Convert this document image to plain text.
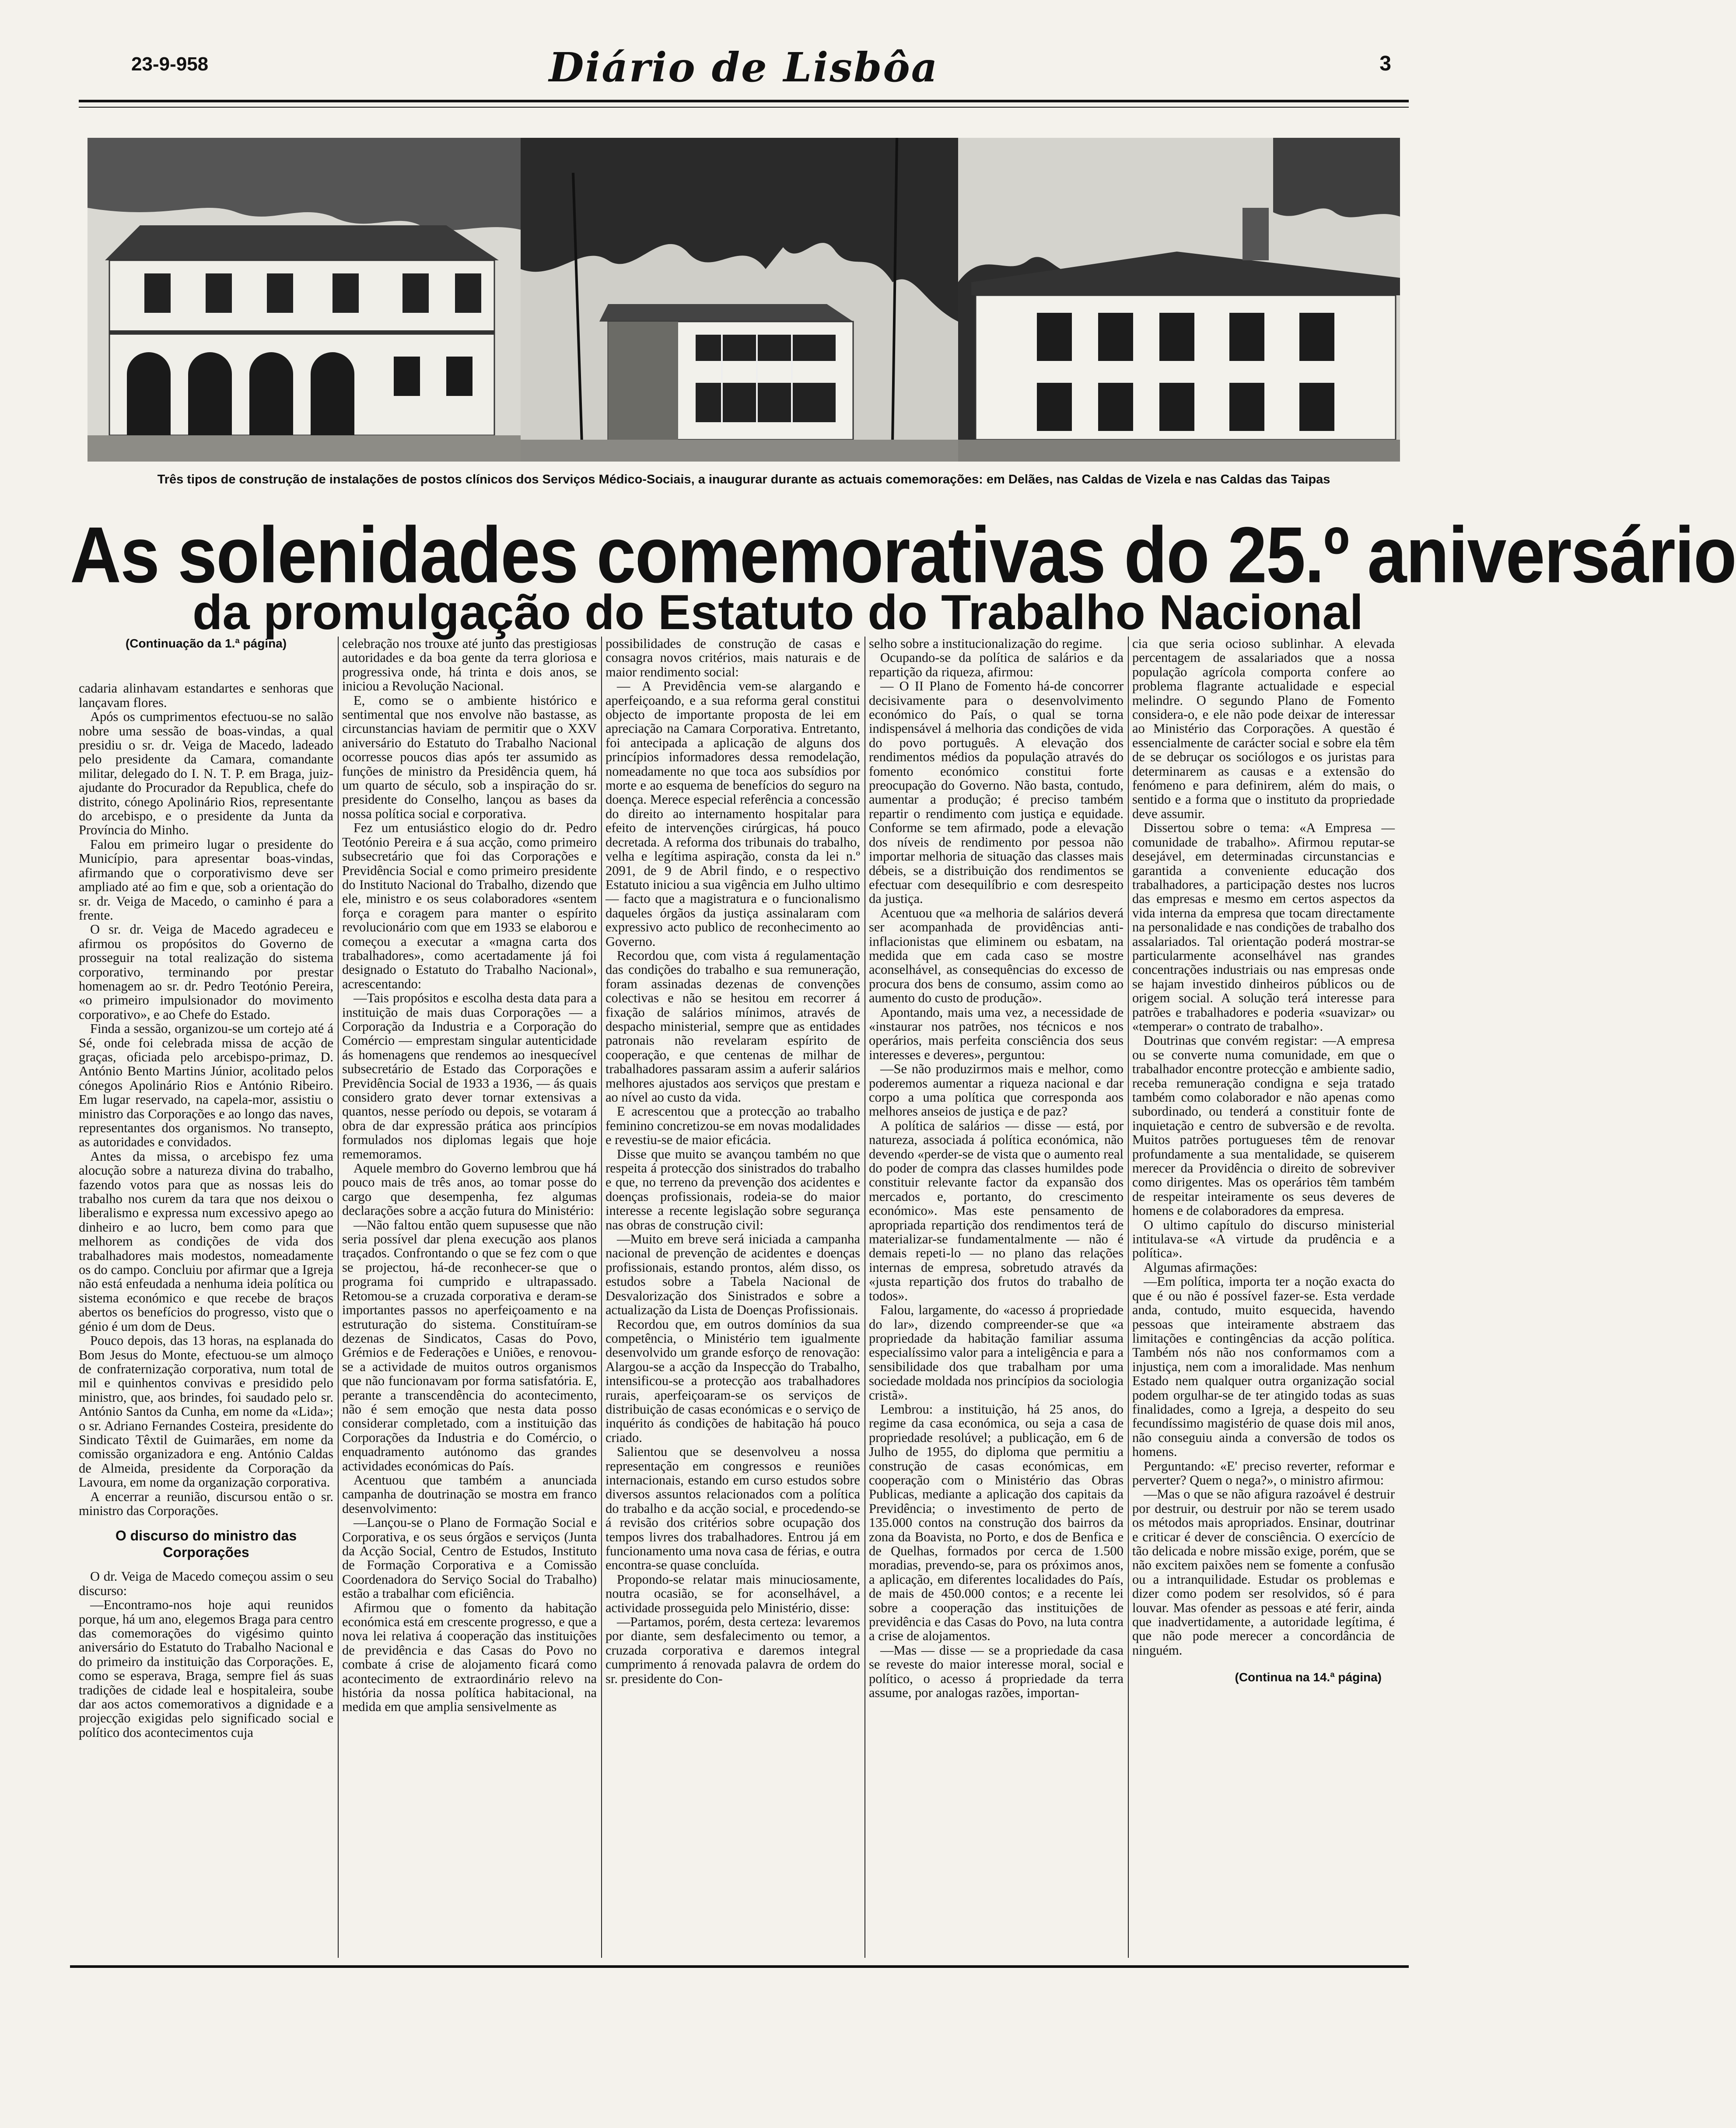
23-9-958	Diário de Lisbôa	3
Três tipos de construção de instalações de postos clínicos dos Serviços Médico-Sociais, a inaugurar durante as actuais comemorações: em Delães, nas Caldas de Vizela e nas Caldas das Taipas
As solenidades comemorativas do 25.º aniversário
da promulgação do Estatuto do Trabalho Nacional
(Continuação da 1.ª página)

cadaria alinhavam estandartes e senhoras que lançavam flores.

Após os cumprimentos efectuou-se no salão nobre uma sessão de boas-vindas, a qual presidiu o sr. dr. Veiga de Macedo, ladeado pelo presidente da Camara, comandante militar, delegado do I. N. T. P. em Braga, juiz-ajudante do Procurador da Republica, chefe do distrito, cónego Apolinário Rios, representante do arcebispo, e o presidente da Junta da Província do Minho.

Falou em primeiro lugar o presidente do Município, para apresentar boas-vindas, afirmando que o corporativismo deve ser ampliado até ao fim e que, sob a orientação do sr. dr. Veiga de Macedo, o caminho é para a frente.

O sr. dr. Veiga de Macedo agradeceu e afirmou os propósitos do Governo de prosseguir na total realização do sistema corporativo, terminando por prestar homenagem ao sr. dr. Pedro Teotónio Pereira, «o primeiro impulsionador do movimento corporativo», e ao Chefe do Estado.

Finda a sessão, organizou-se um cortejo até á Sé, onde foi celebrada missa de acção de graças, oficiada pelo arcebispo-primaz, D. António Bento Martins Júnior, acolitado pelos cónegos Apolinário Rios e António Ribeiro. Em lugar reservado, na capela-mor, assistiu o ministro das Corporações e ao longo das naves, representantes dos organismos. No transepto, as autoridades e convidados.

Antes da missa, o arcebispo fez uma alocução sobre a natureza divina do trabalho, fazendo votos para que as nossas leis do trabalho nos curem da tara que nos deixou o liberalismo e expressa num excessivo apego ao dinheiro e ao lucro, bem como para que melhorem as condições de vida dos trabalhadores mais modestos, nomeadamente os do campo. Concluiu por afirmar que a Igreja não está enfeudada a nenhuma ideia política ou sistema económico e que recebe de braços abertos os benefícios do progresso, visto que o génio é um dom de Deus.

Pouco depois, das 13 horas, na esplanada do Bom Jesus do Monte, efectuou-se um almoço de confraternização corporativa, num total de mil e quinhentos convivas e presidido pelo ministro, que, aos brindes, foi saudado pelo sr. António Santos da Cunha, em nome da «Lida»; o sr. Adriano Fernandes Costeira, presidente do Sindicato Têxtil de Guimarães, em nome da comissão organizadora e eng. António Caldas de Almeida, presidente da Corporação da Lavoura, em nome da organização corporativa.

A encerrar a reunião, discursou então o sr. ministro das Corporações.

O discurso do ministro das Corporações

O dr. Veiga de Macedo começou assim o seu discurso:

—Encontramo-nos hoje aqui reunidos porque, há um ano, elegemos Braga para centro das comemorações do vigésimo quinto aniversário do Estatuto do Trabalho Nacional e do primeiro da instituição das Corporações. E, como se esperava, Braga, sempre fiel ás suas tradições de cidade leal e hospitaleira, soube dar aos actos comemorativos a dignidade e a projecção exigidas pelo significado social e político dos acontecimentos cuja

celebração nos trouxe até junto das prestigiosas autoridades e da boa gente da terra gloriosa e progressiva onde, há trinta e dois anos, se iniciou a Revolução Nacional.

E, como se o ambiente histórico e sentimental que nos envolve não bastasse, as circunstancias haviam de permitir que o XXV aniversário do Estatuto do Trabalho Nacional ocorresse poucos dias após ter assumido as funções de ministro da Presidência quem, há um quarto de século, sob a inspiração do sr. presidente do Conselho, lançou as bases da nossa política social e corporativa.

Fez um entusiástico elogio do dr. Pedro Teotónio Pereira e á sua acção, como primeiro subsecretário que foi das Corporações e Previdência Social e como primeiro presidente do Instituto Nacional do Trabalho, dizendo que ele, ministro e os seus colaboradores «sentem força e coragem para manter o espírito revolucionário com que em 1933 se elaborou e começou a executar a «magna carta dos trabalhadores», como acertadamente já foi designado o Estatuto do Trabalho Nacional», acrescentando:

—Tais propósitos e escolha desta data para a instituição de mais duas Corporações — a Corporação da Industria e a Corporação do Comércio — emprestam singular autenticidade ás homenagens que rendemos ao inesquecível subsecretário de Estado das Corporações e Previdência Social de 1933 a 1936, — ás quais considero grato dever tornar extensivas a quantos, nesse período ou depois, se votaram á obra de dar expressão prática aos princípios formulados nos diplomas legais que hoje rememoramos.

Aquele membro do Governo lembrou que há pouco mais de três anos, ao tomar posse do cargo que desempenha, fez algumas declarações sobre a acção futura do Ministério:

—Não faltou então quem supusesse que não seria possível dar plena execução aos planos traçados. Confrontando o que se fez com o que se projectou, há-de reconhecer-se que o programa foi cumprido e ultrapassado. Retomou-se a cruzada corporativa e deram-se importantes passos no aperfeiçoamento e na estruturação do sistema. Constituíram-se dezenas de Sindicatos, Casas do Povo, Grémios e de Federações e Uniões, e renovou-se a actividade de muitos outros organismos que não funcionavam por forma satisfatória. E, perante a transcendência do acontecimento, não é sem emoção que nesta data posso considerar completado, com a instituição das Corporações da Industria e do Comércio, o enquadramento autónomo das grandes actividades económicas do País.

Acentuou que também a anunciada campanha de doutrinação se mostra em franco desenvolvimento:

—Lançou-se o Plano de Formação Social e Corporativa, e os seus órgãos e serviços (Junta da Acção Social, Centro de Estudos, Instituto de Formação Corporativa e a Comissão Coordenadora do Serviço Social do Trabalho) estão a trabalhar com eficiência.

Afirmou que o fomento da habitação económica está em crescente progresso, e que a nova lei relativa á cooperação das instituições de previdência e das Casas do Povo no combate á crise de alojamento ficará como acontecimento de extraordinário relevo na história da nossa política habitacional, na medida em que amplia sensivelmente as

possibilidades de construção de casas e consagra novos critérios, mais naturais e de maior rendimento social:

— A Previdência vem-se alargando e aperfeiçoando, e a sua reforma geral constitui objecto de importante proposta de lei em apreciação na Camara Corporativa. Entretanto, foi antecipada a aplicação de alguns dos princípios informadores dessa remodelação, nomeadamente no que toca aos subsídios por morte e ao esquema de benefícios do seguro na doença. Merece especial referência a concessão do direito ao internamento hospitalar para efeito de intervenções cirúrgicas, há pouco decretada. A reforma dos tribunais do trabalho, velha e legítima aspiração, consta da lei n.º 2091, de 9 de Abril findo, e o respectivo Estatuto iniciou a sua vigência em Julho ultimo — facto que a magistratura e o funcionalismo daqueles órgãos da justiça assinalaram com expressivo acto publico de reconhecimento ao Governo.

Recordou que, com vista á regulamentação das condições do trabalho e sua remuneração, foram assinadas dezenas de convenções colectivas e não se hesitou em recorrer á fixação de salários mínimos, através de despacho ministerial, sempre que as entidades patronais não revelaram espírito de cooperação, e que centenas de milhar de trabalhadores passaram assim a auferir salários melhores ajustados aos serviços que prestam e ao nível ao custo da vida.

E acrescentou que a protecção ao trabalho feminino concretizou-se em novas modalidades e revestiu-se de maior eficácia.

Disse que muito se avançou também no que respeita á protecção dos sinistrados do trabalho e que, no terreno da prevenção dos acidentes e doenças profissionais, rodeia-se do maior interesse a recente legislação sobre segurança nas obras de construção civil:

—Muito em breve será iniciada a campanha nacional de prevenção de acidentes e doenças profissionais, estando prontos, além disso, os estudos sobre a Tabela Nacional de Desvalorização dos Sinistrados e sobre a actualização da Lista de Doenças Profissionais.

Recordou que, em outros domínios da sua competência, o Ministério tem igualmente desenvolvido um grande esforço de renovação: Alargou-se a acção da Inspecção do Trabalho, intensificou-se a protecção aos trabalhadores rurais, aperfeiçoaram-se os serviços de distribuição de casas económicas e o serviço de inquérito ás condições de habitação há pouco criado.

Salientou que se desenvolveu a nossa representação em congressos e reuniões internacionais, estando em curso estudos sobre diversos assuntos relacionados com a política do trabalho e da acção social, e procedendo-se á revisão dos critérios sobre ocupação dos tempos livres dos trabalhadores. Entrou já em funcionamento uma nova casa de férias, e outra encontra-se quase concluída.

Propondo-se relatar mais minuciosamente, noutra ocasião, se for aconselhável, a actividade prosseguida pelo Ministério, disse:

—Partamos, porém, desta certeza: levaremos por diante, sem desfalecimento ou temor, a cruzada corporativa e daremos integral cumprimento á renovada palavra de ordem do sr. presidente do Con-

selho sobre a institucionalização do regime.

Ocupando-se da política de salários e da repartição da riqueza, afirmou:

— O II Plano de Fomento há-de concorrer decisivamente para o desenvolvimento económico do País, o qual se torna indispensável á melhoria das condições de vida do povo português. A elevação dos rendimentos médios da população através do fomento económico constitui forte preocupação do Governo. Não basta, contudo, aumentar a produção; é preciso também repartir o rendimento com justiça e equidade. Conforme se tem afirmado, pode a elevação dos níveis de rendimento por pessoa não importar melhoria de situação das classes mais débeis, se a distribuição dos rendimentos se efectuar com desequilíbrio e com desrespeito da justiça.

Acentuou que «a melhoria de salários deverá ser acompanhada de providências anti-inflacionistas que eliminem ou esbatam, na medida que em cada caso se mostre aconselhável, as consequências do excesso de procura dos bens de consumo, assim como ao aumento do custo de produção».

Apontando, mais uma vez, a necessidade de «instaurar nos patrões, nos técnicos e nos operários, mais perfeita consciência dos seus interesses e deveres», perguntou:

—Se não produzirmos mais e melhor, como poderemos aumentar a riqueza nacional e dar corpo a uma política que corresponda aos melhores anseios de justiça e de paz?

A política de salários — disse — está, por natureza, associada á política económica, não devendo «perder-se de vista que o aumento real do poder de compra das classes humildes pode constituir relevante factor da expansão dos mercados e, portanto, do crescimento económico». Mas este pensamento de apropriada repartição dos rendimentos terá de materializar-se fundamentalmente — não é demais repeti-lo — no plano das relações internas de empresa, sobretudo através da «justa repartição dos frutos do trabalho de todos».

Falou, largamente, do «acesso á propriedade do lar», dizendo compreender-se que «a propriedade da habitação familiar assuma especialíssimo valor para a inteligência e para a sensibilidade dos que trabalham por uma sociedade moldada nos princípios da sociologia cristã».

Lembrou: a instituição, há 25 anos, do regime da casa económica, ou seja a casa de propriedade resolúvel; a publicação, em 6 de Julho de 1955, do diploma que permitiu a construção de casas económicas, em cooperação com o Ministério das Obras Publicas, mediante a aplicação dos capitais da Previdência; o investimento de perto de 135.000 contos na construção dos bairros da zona da Boavista, no Porto, e dos de Benfica e de Quelhas, formados por cerca de 1.500 moradias, prevendo-se, para os próximos anos, a aplicação, em diferentes localidades do País, de mais de 450.000 contos; e a recente lei sobre a cooperação das instituições de previdência e das Casas do Povo, na luta contra a crise de alojamentos.

—Mas — disse — se a propriedade da casa se reveste do maior interesse moral, social e político, o acesso á propriedade da terra assume, por analogas razões, importan-

cia que seria ocioso sublinhar. A elevada percentagem de assalariados que a nossa população agrícola comporta confere ao problema flagrante actualidade e especial melindre. O segundo Plano de Fomento considera-o, e ele não pode deixar de interessar ao Ministério das Corporações. A questão é essencialmente de carácter social e sobre ela têm de se debruçar os sociólogos e os juristas para determinarem as causas e a extensão do fenómeno e para definirem, além do mais, o sentido e a forma que o instituto da propriedade deve assumir.

Dissertou sobre o tema: «A Empresa — comunidade de trabalho». Afirmou reputar-se desejável, em determinadas circunstancias e garantida a conveniente educação dos trabalhadores, a participação destes nos lucros das empresas e mesmo em certos aspectos da vida interna da empresa que tocam directamente na personalidade e nas condições de trabalho dos assalariados. Tal orientação poderá mostrar-se particularmente aconselhável nas grandes concentrações industriais ou nas empresas onde se hajam investido dinheiros públicos ou de origem social. A solução terá interesse para patrões e trabalhadores e poderia «suavizar» ou «temperar» o contrato de trabalho».

Doutrinas que convém registar: —A empresa ou se converte numa comunidade, em que o trabalhador encontre protecção e ambiente sadio, receba remuneração condigna e seja tratado também como colaborador e não apenas como subordinado, ou tenderá a constituir fonte de inquietação e centro de subversão e de revolta. Muitos patrões portugueses têm de renovar profundamente a sua mentalidade, se quiserem merecer da Providência o direito de sobreviver como dirigentes. Mas os operários têm também de respeitar inteiramente os seus deveres de homens e de colaboradores da empresa.

O ultimo capítulo do discurso ministerial intitulava-se «A virtude da prudência e a política».

Algumas afirmações:

—Em política, importa ter a noção exacta do que é ou não é possível fazer-se. Esta verdade anda, contudo, muito esquecida, havendo pessoas que inteiramente abstraem das limitações e contingências da acção política. Também nós não nos conformamos com a injustiça, nem com a imoralidade. Mas nenhum Estado nem qualquer outra organização social podem orgulhar-se de ter atingido todas as suas finalidades, como a Igreja, a despeito do seu fecundíssimo magistério de quase dois mil anos, não conseguiu ainda a conversão de todos os homens.

Perguntando: «E' preciso reverter, reformar e perverter? Quem o nega?», o ministro afirmou:

—Mas o que se não afigura razoável é destruir por destruir, ou destruir por não se terem usado os métodos mais apropriados. Ensinar, doutrinar e criticar é dever de consciência. O exercício de tão delicada e nobre missão exige, porém, que se não excitem paixões nem se fomente a confusão ou a intranquilidade. Estudar os problemas e dizer como podem ser resolvidos, só é para louvar. Mas ofender as pessoas e até ferir, ainda que inadvertidamente, a autoridade legítima, é que não pode merecer a concordância de ninguém.

(Continua na 14.ª página)
